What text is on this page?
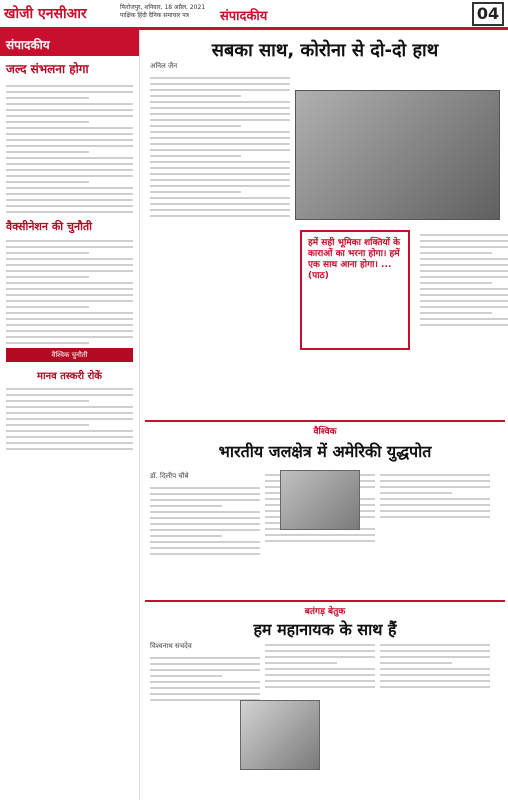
खोजी एनसीआर	फिरोजपुर, शनिवार, 18 अप्रैल, 2021
पाक्षिक हिंदी दैनिक समाचार पत्र	संपादकीय	04
संपादकीय
जल्द संभलना होगा
वैक्सीनेशन की चुनौती
वैश्विक चुनौती
मानव तस्करी रोकें
सबका साथ, कोरोना से दो-दो हाथ
अनिल जैन
हमें सही भूमिका शक्तियों के काराओं का भरना होगा। हमें एक साथ आना होगा। ... (पाठ)
वैश्विक
भारतीय जलक्षेत्र में अमेरिकी युद्धपोत
डॉ. दिलीप चौबे
बतंगड़ बेतुक
हम महानायक के साथ हैं
विश्वनाथ सचदेव
